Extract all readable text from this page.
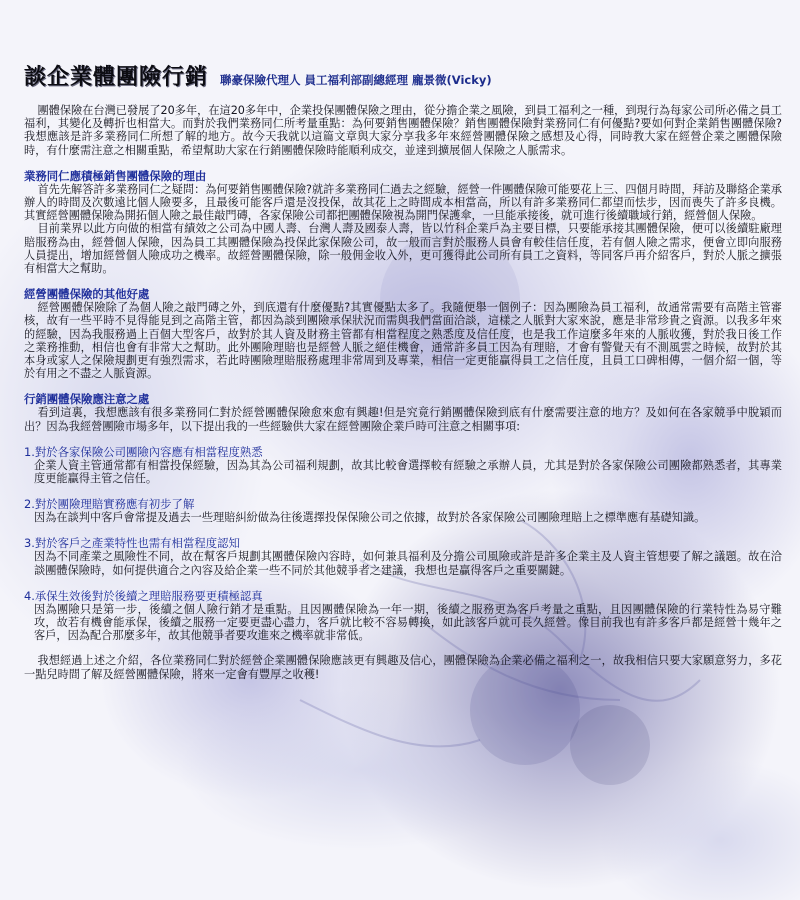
談企業體團險行銷 聯豪保險代理人 員工福利部副總經理 龐景微(Vicky)

團體保險在台灣已發展了20多年，在這20多年中，企業投保團體保險之理由，從分擔企業之風險，到員工福利之一種，到現行為每家公司所必備之員工福利，其變化及轉折也相當大。而對於我們業務同仁所考量重點：為何要銷售團體保險？銷售團體保險對業務同仁有何優點?要如何對企業銷售團體保險?我想應該是許多業務同仁所想了解的地方。故今天我就以這篇文章與大家分享我多年來經營團體保險之感想及心得，同時教大家在經營企業之團體保險時，有什麼需注意之相關重點，希望幫助大家在行銷團體保險時能順利成交，並達到擴展個人保險之人脈需求。

業務同仁應積極銷售團體保險的理由

首先先解答許多業務同仁之疑問：為何要銷售團體保險?就許多業務同仁過去之經驗，經營一件團體保險可能要花上三、四個月時間，拜訪及聯絡企業承辦人的時間及次數遠比個人險要多，且最後可能客戶還是沒投保，故其花上之時間成本相當高，所以有許多業務同仁都望而怯步，因而喪失了許多良機。其實經營團體保險為開拓個人險之最佳敲門磚，各家保險公司都把團體保險視為開門保護傘，一旦能承接後，就可進行後續職域行銷，經營個人保險。

目前業界以此方向做的相當有績效之公司為中國人壽、台灣人壽及國泰人壽，皆以竹科企業戶為主要目標，只要能承接其團體保險，便可以後續駐廠理賠服務為由，經營個人保險，因為員工其團體保險為投保此家保險公司，故一般而言對於服務人員會有較佳信任度，若有個人險之需求，便會立即向服務人員提出，增加經營個人險成功之機率。故經營團體保險，除一般佣金收入外，更可獲得此公司所有員工之資料，等同客戶再介紹客戶，對於人脈之擴張有相當大之幫助。

經營團體保險的其他好處

經營團體保險除了為個人險之敲門磚之外，到底還有什麼優點?其實優點太多了。我隨便舉一個例子：因為團險為員工福利，故通常需要有高階主管審核，故有一些平時不見得能見到之高階主管，都因為談到團險承保狀況而需與我們當面洽談，這樣之人脈對大家來說，應是非常珍貴之資源。以我多年來的經驗，因為我服務過上百個大型客戶，故對於其人資及財務主管都有相當程度之熟悉度及信任度，也是我工作這麼多年來的人脈收獲，對於我日後工作之業務推動，相信也會有非常大之幫助。此外團險理賠也是經營人脈之絕佳機會，通常許多員工因為有理賠，才會有警覺天有不測風雲之時候，故對於其本身或家人之保險規劃更有強烈需求，若此時團險理賠服務處理非常周到及專業，相信一定更能贏得員工之信任度，且員工口碑相傳，一個介紹一個，等於有用之不盡之人脈資源。

行銷團體保險應注意之處

看到這裏，我想應該有很多業務同仁對於經營團體保險愈來愈有興趣!但是究竟行銷團體保險到底有什麼需要注意的地方？及如何在各家競爭中脫穎而出？因為我經營團險市場多年，以下提出我的一些經驗供大家在經營團險企業戶時可注意之相關事項:

1.對於各家保險公司團險內容應有相當程度熟悉

企業人資主管通常都有相當投保經驗，因為其為公司福利規劃，故其比較會選擇較有經驗之承辦人員，尤其是對於各家保險公司團險都熟悉者，其專業度更能贏得主管之信任。

2.對於團險理賠實務應有初步了解

因為在談判中客戶會常提及過去一些理賠糾紛做為往後選擇投保保險公司之依據，故對於各家保險公司團險理賠上之標準應有基礎知識。

3.對於客戶之產業特性也需有相當程度認知

因為不同產業之風險性不同，故在幫客戶規劃其團體保險內容時，如何兼具福利及分擔公司風險或許是許多企業主及人資主管想要了解之議題。故在洽談團體保險時，如何提供適合之內容及給企業一些不同於其他競爭者之建議，我想也是贏得客戶之重要關鍵。

4.承保生效後對於後續之理賠服務要更積極認真

因為團險只是第一步，後續之個人險行銷才是重點。且因團體保險為一年一期，後續之服務更為客戶考量之重點，且因團體保險的行業特性為易守難攻，故若有機會能承保，後續之服務一定要更盡心盡力，客戶就比較不容易轉換，如此該客戶就可長久經營。像目前我也有許多客戶都是經營十幾年之客戶，因為配合那麼多年，故其他競爭者要攻進來之機率就非常低。

我想經過上述之介紹，各位業務同仁對於經營企業團體保險應該更有興趣及信心，團體保險為企業必備之福利之一，故我相信只要大家願意努力，多花一點兒時間了解及經營團體保險，將來一定會有豐厚之收穫!
